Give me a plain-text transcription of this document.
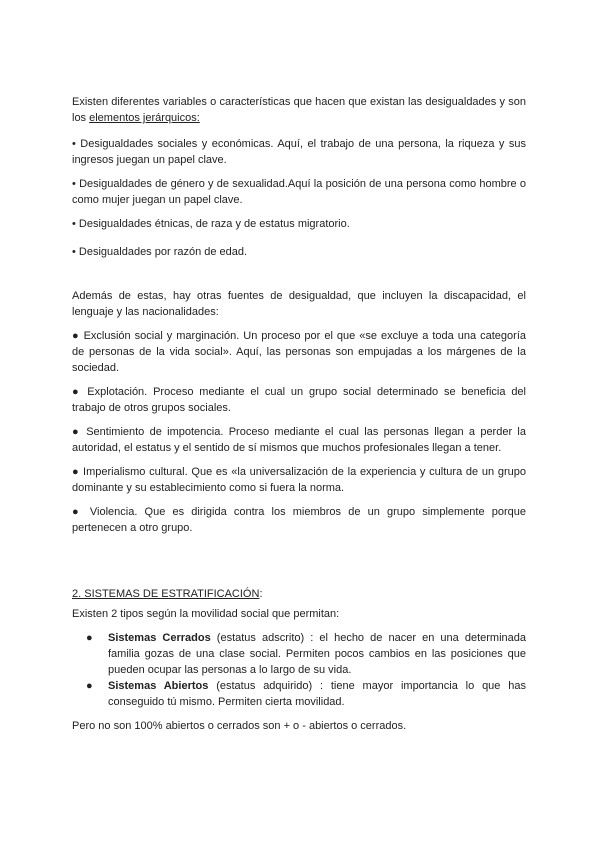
Existen diferentes variables o características que hacen que existan las desigualdades y son los elementos jerárquicos:

• Desigualdades sociales y económicas. Aquí, el trabajo de una persona, la riqueza y sus ingresos juegan un papel clave.

• Desigualdades de género y de sexualidad.Aquí la posición de una persona como hombre o como mujer juegan un papel clave.

• Desigualdades étnicas, de raza y de estatus migratorio.

• Desigualdades por razón de edad.

Además de estas, hay otras fuentes de desigualdad, que incluyen la discapacidad, el lenguaje y las nacionalidades:

● Exclusión social y marginación. Un proceso por el que «se excluye a toda una categoría de personas de la vida social». Aquí, las personas son empujadas a los márgenes de la sociedad.

● Explotación. Proceso mediante el cual un grupo social determinado se beneficia del trabajo de otros grupos sociales.

● Sentimiento de impotencia. Proceso mediante el cual las personas llegan a perder la autoridad, el estatus y el sentido de sí mismos que muchos profesionales llegan a tener.

● Imperialismo cultural. Que es «la universalización de la experiencia y cultura de un grupo dominante y su establecimiento como si fuera la norma.

● Violencia. Que es dirigida contra los miembros de un grupo simplemente porque pertenecen a otro grupo.

2. SISTEMAS DE ESTRATIFICACIÓN:

Existen 2 tipos según la movilidad social que permitan:

● Sistemas Cerrados (estatus adscrito) : el hecho de nacer en una determinada familia gozas de una clase social. Permiten pocos cambios en las posiciones que pueden ocupar las personas a lo largo de su vida.
● Sistemas Abiertos (estatus adquirido) : tiene mayor importancia lo que has conseguido tú mismo. Permiten cierta movilidad.

Pero no son 100% abiertos o cerrados son + o - abiertos o cerrados.
